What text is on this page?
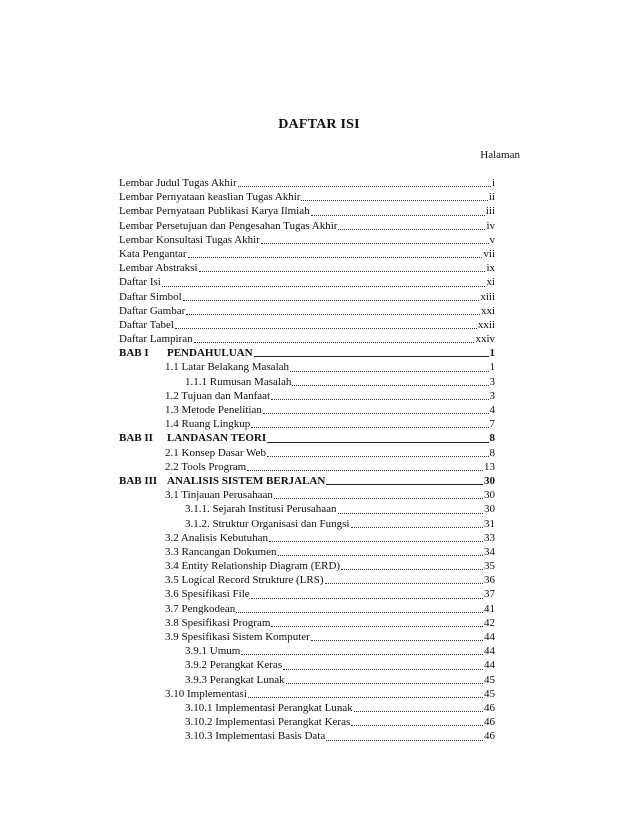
DAFTAR ISI
Halaman
Lembar Judul Tugas Akhir	i
Lembar Pernyataan keaslian Tugas Akhir	ii
Lembar Pernyataan Publikasi Karya Ilmiah	iii
Lembar Persetujuan dan Pengesahan Tugas Akhir	iv
Lembar Konsultasi Tugas Akhir	v
Kata Pengantar	vii
Lembar Abstraksi	ix
Daftar Isi	xi
Daftar Simbol	xiii
Daftar Gambar	xxi
Daftar Tabel	xxii
Daftar Lampiran	xxiv
BAB I PENDAHULUAN	1
1.1 Latar Belakang Masalah	1
1.1.1 Rumusan Masalah	3
1.2 Tujuan dan Manfaat	3
1.3 Metode Penelitian	4
1.4 Ruang Lingkup	7
BAB II LANDASAN TEORI	8
2.1 Konsep Dasar Web	8
2.2 Tools Program	13
BAB III ANALISIS SISTEM BERJALAN	30
3.1 Tinjauan Perusahaan	30
3.1.1. Sejarah Institusi Perusahaan	30
3.1.2. Struktur Organisasi dan Fungsi	31
3.2 Analisis Kebutuhan	33
3.3 Rancangan Dokumen	34
3.4 Entity Relationship Diagram (ERD)	35
3.5 Logical Record Strukture (LRS)	36
3.6 Spesifikasi File	37
3.7 Pengkodean	41
3.8 Spesifikasi Program	42
3.9 Spesifikasi Sistem Komputer	44
3.9.1 Umum	44
3.9.2 Perangkat Keras	44
3.9.3 Perangkat Lunak	45
3.10 Implementasi	45
3.10.1 Implementasi Perangkat Lunak	46
3.10.2 Implementasi Perangkat Keras	46
3.10.3 Implementasi Basis Data	46
